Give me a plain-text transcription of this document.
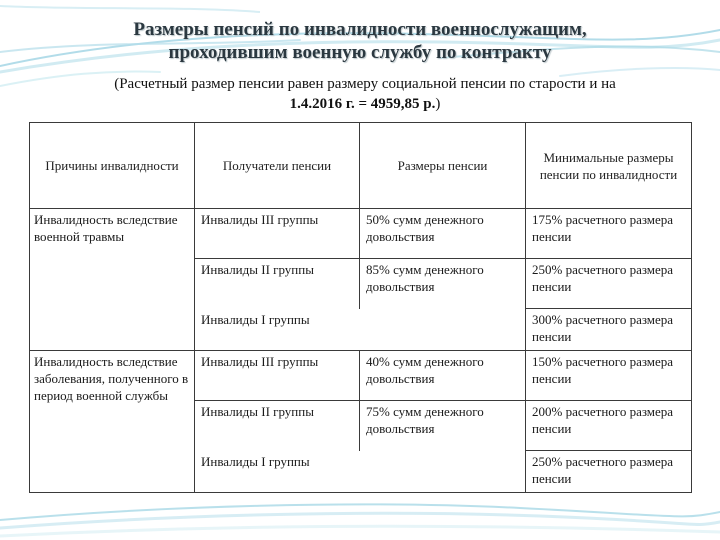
Размеры пенсий по инвалидности военнослужащим,
проходившим военную службу по контракту
(Расчетный размер пенсии равен размеру социальной пенсии по старости и на
1.4.2016 г. = 4959,85 р.)
Причины инвалидности	Получатели пенсии	Размеры пенсии	Минимальные размеры пенсии по инвалидности
Инвалидность вследствие военной травмы	Инвалиды III группы	50% сумм денежного довольствия	175% расчетного размера пенсии
	Инвалиды II группы	85% сумм денежного довольствия	250% расчетного размера пенсии
	Инвалиды I группы		300% расчетного размера пенсии
Инвалидность вследствие заболевания, полученного в период военной службы	Инвалиды III группы	40% сумм денежного довольствия	150% расчетного размера пенсии
	Инвалиды II группы	75% сумм денежного довольствия	200% расчетного размера пенсии
	Инвалиды I группы		250% расчетного размера пенсии
